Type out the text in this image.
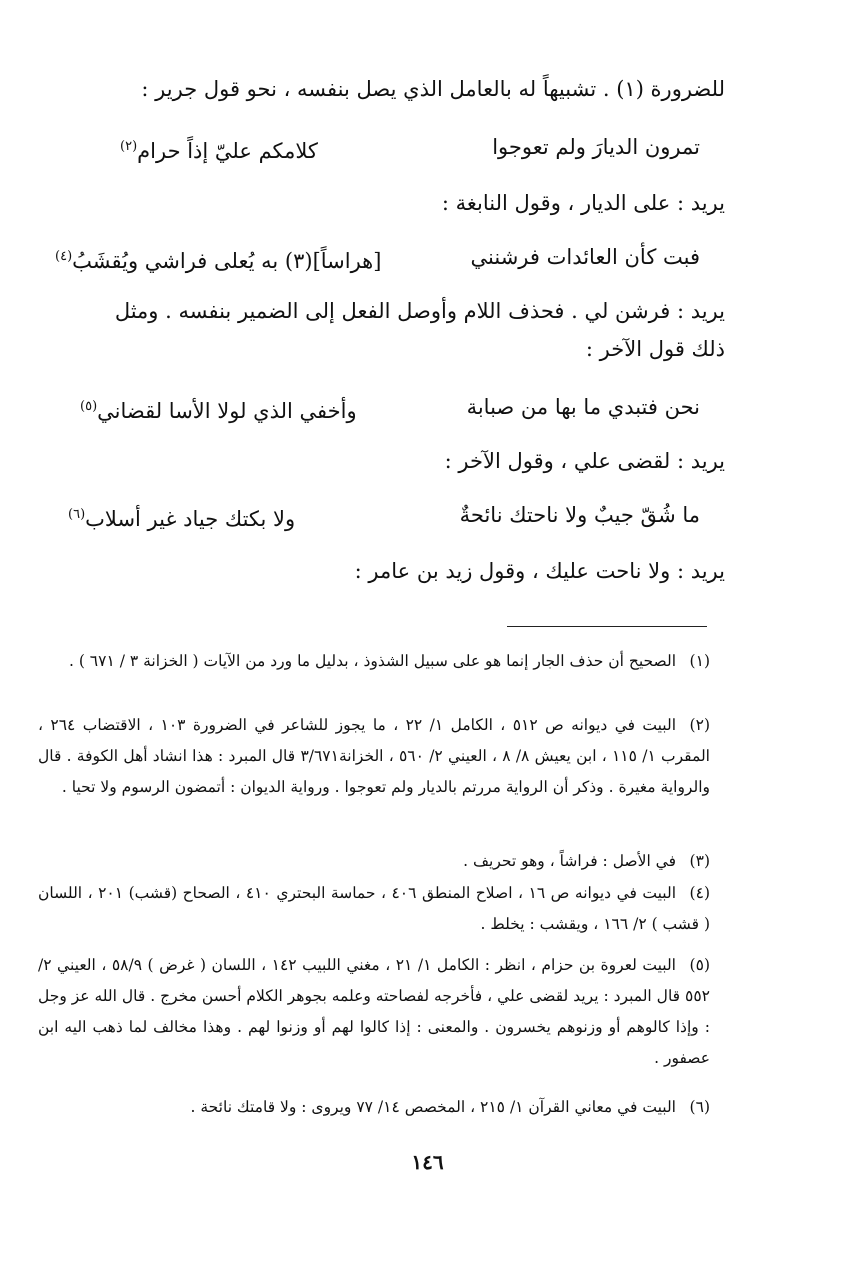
للضرورة (١) . تشبيهاً له بالعامل الذي يصل بنفسه ، نحو قول جرير :
تمرون الديارَ ولم تعوجوا
كلامكم عليّ إذاً حرام$^{(٢)}$
يريد : على الديار ، وقول النابغة :
فبت كأن العائدات فرشنني
[هراساً](٣) به يُعلى فراشي ويُقشَبُ$^{(٤)}$
يريد : فرشن لي . فحذف اللام وأوصل الفعل إلى الضمير بنفسه . ومثل
ذلك قول الآخر :
نحن فتبدي ما بها من صبابة
وأخفي الذي لولا الأسا لقضاني$^{(٥)}$
يريد : لقضى علي ، وقول الآخر :
ما شُقّ جيبٌ ولا ناحتك نائحةٌ
ولا بكتك جياد غير أسلاب$^{(٦)}$
يريد : ولا ناحت عليك ، وقول زيد بن عامر :
(١)الصحيح أن حذف الجار إنما هو على سبيل الشذوذ ، بدليل ما ورد من الآيات ( الخزانة ٣ / ٦٧١ ) .
(٢)البيت في ديوانه ص ٥١٢ ، الكامل ١/ ٢٢ ، ما يجوز للشاعر في الضرورة ١٠٣ ، الاقتضاب ٢٦٤ ، المقرب ١/ ١١٥ ، ابن يعيش ٨/ ٨ ، العيني ٢/ ٥٦٠ ، الخزانة٣/٦٧١ قال المبرد : هذا انشاد أهل الكوفة . قال والرواية مغيرة . وذكر أن الرواية مررتم بالديار ولم تعوجوا . ورواية الديوان : أتمضون الرسوم ولا تحيا .
(٣)في الأصل : فراشاً ، وهو تحريف .
(٤)البيت في ديوانه ص ١٦ ، اصلاح المنطق ٤٠٦ ، حماسة البحتري ٤١٠ ، الصحاح (قشب) ٢٠١ ، اللسان ( قشب ) ٢/ ١٦٦ ، ويقشب : يخلط .
(٥)البيت لعروة بن حزام ، انظر : الكامل ١/ ٢١ ، مغني اللبيب ١٤٢ ، اللسان ( غرض ) ٥٨/٩ ، العيني ٢/ ٥٥٢ قال المبرد : يريد لقضى علي ، فأخرجه لفصاحته وعلمه بجوهر الكلام أحسن مخرج . قال الله عز وجل : وإذا كالوهم أو وزنوهم يخسرون . والمعنى : إذا كالوا لهم أو وزنوا لهم . وهذا مخالف لما ذهب اليه ابن عصفور .
(٦)البيت في معاني القرآن ١/ ٢١٥ ، المخصص ١٤/ ٧٧ ويروى : ولا قامتك نائحة .
١٤٦
